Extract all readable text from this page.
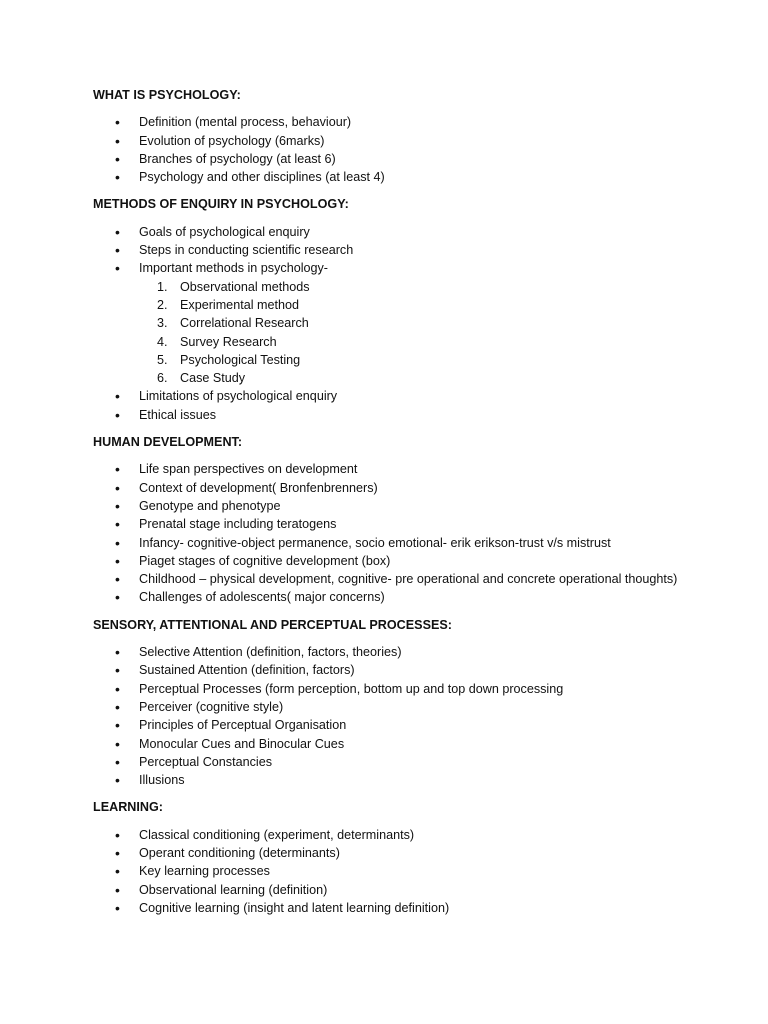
WHAT IS PSYCHOLOGY:

• Definition (mental process, behaviour)
• Evolution of psychology (6marks)
• Branches of psychology (at least 6)
• Psychology and other disciplines (at least 4)

METHODS OF ENQUIRY IN PSYCHOLOGY:

• Goals of psychological enquiry
• Steps in conducting scientific research
• Important methods in psychology-
1. Observational methods
2. Experimental method
3. Correlational Research
4. Survey Research
5. Psychological Testing
6. Case Study
• Limitations of psychological enquiry
• Ethical issues

HUMAN DEVELOPMENT:

• Life span perspectives on development
• Context of development( Bronfenbrenners)
• Genotype and phenotype
• Prenatal stage including teratogens
• Infancy- cognitive-object permanence, socio emotional- erik erikson-trust v/s mistrust
• Piaget stages of cognitive development (box)
• Childhood – physical development, cognitive- pre operational and concrete operational thoughts)
• Challenges of adolescents( major concerns)

SENSORY, ATTENTIONAL AND PERCEPTUAL PROCESSES:

• Selective Attention (definition, factors, theories)
• Sustained Attention (definition, factors)
• Perceptual Processes (form perception, bottom up and top down processing
• Perceiver (cognitive style)
• Principles of Perceptual Organisation
• Monocular Cues and Binocular Cues
• Perceptual Constancies
• Illusions

LEARNING:

• Classical conditioning (experiment, determinants)
• Operant conditioning (determinants)
• Key learning processes
• Observational learning (definition)
• Cognitive learning (insight and latent learning definition)
